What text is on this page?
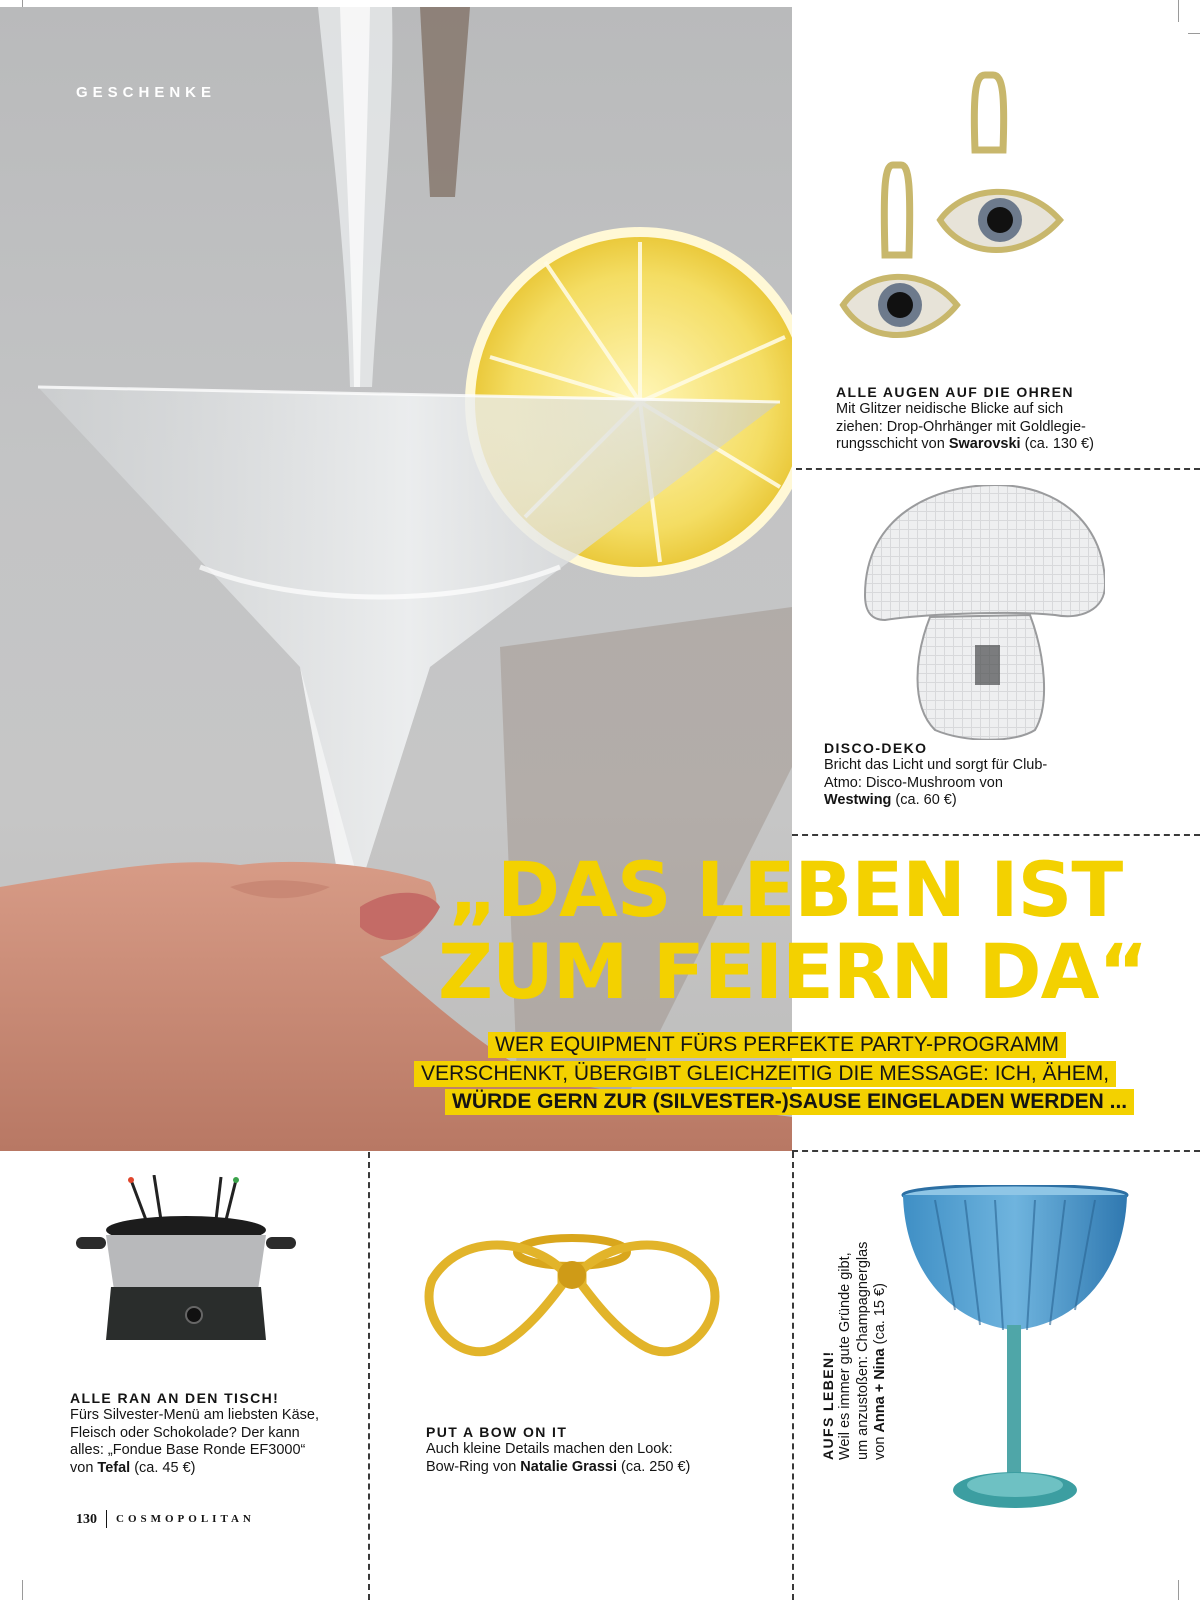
GESCHENKE
ALLE AUGEN AUF DIE OHREN
Mit Glitzer neidische Blicke auf sich
ziehen: Drop-Ohrhänger mit Goldlegie-
rungsschicht von Swarovski (ca. 130 €)
DISCO-DEKO
Bricht das Licht und sorgt für Club-
Atmo: Disco-Mushroom von
Westwing (ca. 60 €)
„DAS LEBEN IST
ZUM FEIERN DA“
WER EQUIPMENT FÜRS PERFEKTE PARTY-PROGRAMM
VERSCHENKT, ÜBERGIBT GLEICHZEITIG DIE MESSAGE: ICH, ÄHEM,
WÜRDE GERN ZUR (SILVESTER-)SAUSE EINGELADEN WERDEN ...
ALLE RAN AN DEN TISCH!
Fürs Silvester-Menü am liebsten Käse,
Fleisch oder Schokolade? Der kann
alles: „Fondue Base Ronde EF3000“
von Tefal (ca. 45 €)
PUT A BOW ON IT
Auch kleine Details machen den Look:
Bow-Ring von Natalie Grassi (ca. 250 €)
AUFS LEBEN! Weil es immer gute Gründe gibt, um anzustoßen: Champagnerglas von Anna + Nina (ca. 15 €)
130 COSMOPOLITAN
